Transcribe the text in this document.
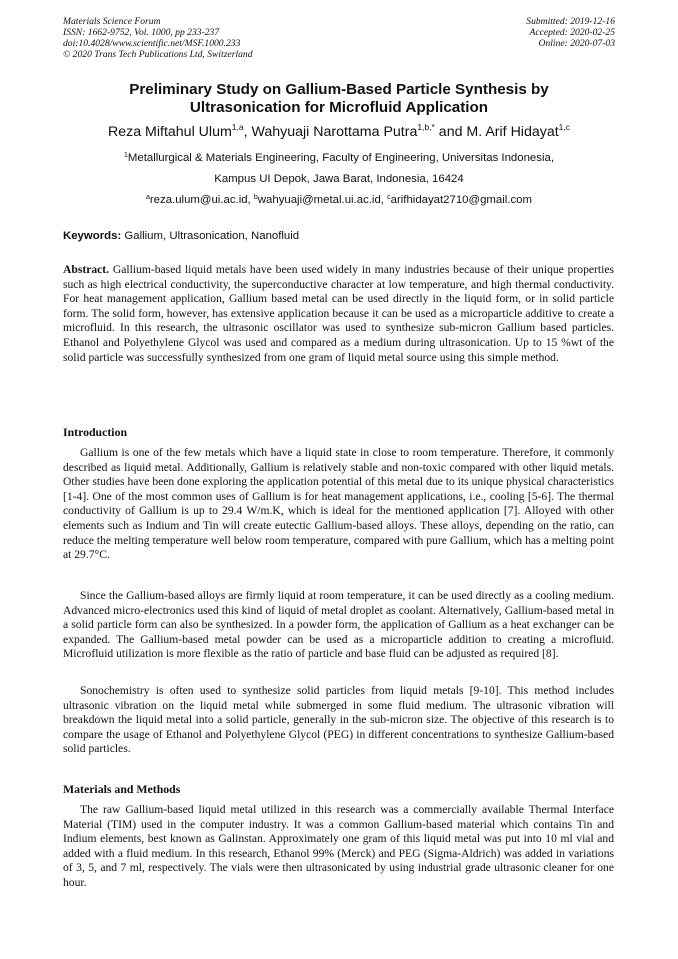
Materials Science Forum
ISSN: 1662-9752, Vol. 1000, pp 233-237
doi:10.4028/www.scientific.net/MSF.1000.233
© 2020 Trans Tech Publications Ltd, Switzerland
Submitted: 2019-12-16
Accepted: 2020-02-25
Online: 2020-07-03
Preliminary Study on Gallium-Based Particle Synthesis by
Ultrasonication for Microfluid Application
Reza Miftahul Ulum$^{1,a}$, Wahyuaji Narottama Putra$^{1,b,*}$ and M. Arif Hidayat$^{1,c}$
$^1$Metallurgical & Materials Engineering, Faculty of Engineering, Universitas Indonesia,
Kampus UI Depok, Jawa Barat, Indonesia, 16424
$^a$reza.ulum@ui.ac.id, $^b$wahyuaji@metal.ui.ac.id, $^c$arifhidayat2710@gmail.com
Keywords: Gallium, Ultrasonication, Nanofluid

Abstract. Gallium-based liquid metals have been used widely in many industries because of their unique properties such as high electrical conductivity, the superconductive character at low temperature, and high thermal conductivity. For heat management application, Gallium based metal can be used directly in the liquid form, or in solid particle form. The solid form, however, has extensive application because it can be used as a microparticle additive to create a microfluid. In this research, the ultrasonic oscillator was used to synthesize sub-micron Gallium based particles. Ethanol and Polyethylene Glycol was used and compared as a medium during ultrasonication. Up to 15 %wt of the solid particle was successfully synthesized from one gram of liquid metal source using this simple method.

Introduction

Gallium is one of the few metals which have a liquid state in close to room temperature. Therefore, it commonly described as liquid metal. Additionally, Gallium is relatively stable and non-toxic compared with other liquid metals. Other studies have been done exploring the application potential of this metal due to its unique physical characteristics [1-4]. One of the most common uses of Gallium is for heat management applications, i.e., cooling [5-6]. The thermal conductivity of Gallium is up to 29.4 W/m.K, which is ideal for the mentioned application [7]. Alloyed with other elements such as Indium and Tin will create eutectic Gallium-based alloys. These alloys, depending on the ratio, can reduce the melting temperature well below room temperature, compared with pure Gallium, which has a melting point at 29.7°C.

Since the Gallium-based alloys are firmly liquid at room temperature, it can be used directly as a cooling medium. Advanced micro-electronics used this kind of liquid of metal droplet as coolant. Alternatively, Gallium-based metal in a solid particle form can also be synthesized. In a powder form, the application of Gallium as a heat exchanger can be expanded. The Gallium-based metal powder can be used as a microparticle addition to creating a microfluid. Microfluid utilization is more flexible as the ratio of particle and base fluid can be adjusted as required [8].

Sonochemistry is often used to synthesize solid particles from liquid metals [9-10]. This method includes ultrasonic vibration on the liquid metal while submerged in some fluid medium. The ultrasonic vibration will breakdown the liquid metal into a solid particle, generally in the sub-micron size. The objective of this research is to compare the usage of Ethanol and Polyethylene Glycol (PEG) in different concentrations to synthesize Gallium-based solid particles.

Materials and Methods

The raw Gallium-based liquid metal utilized in this research was a commercially available Thermal Interface Material (TIM) used in the computer industry. It was a common Gallium-based material which contains Tin and Indium elements, best known as Galinstan. Approximately one gram of this liquid metal was put into 10 ml vial and added with a fluid medium. In this research, Ethanol 99% (Merck) and PEG (Sigma-Aldrich) was added in variations of 3, 5, and 7 ml, respectively. The vials were then ultrasonicated by using industrial grade ultrasonic cleaner for one hour.
